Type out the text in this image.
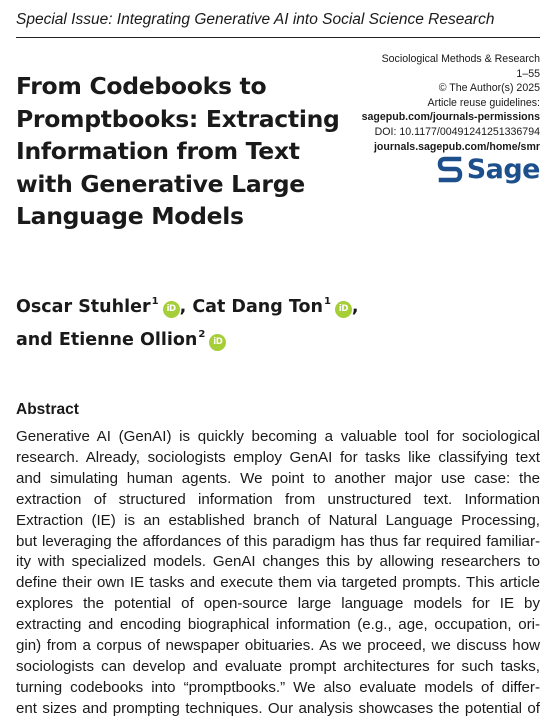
Special Issue: Integrating Generative AI into Social Science Research
From Codebooks to
Promptbooks: Extracting
Information from Text
with Generative Large
Language Models
Sociological Methods & Research
1–55
© The Author(s) 2025
Article reuse guidelines:
sagepub.com/journals-permissions
DOI: 10.1177/00491241251336794
journals.sagepub.com/home/smr
Sage
Oscar Stuhler$^1$iD , Cat Dang Ton$^1$iD ,
and Etienne Ollion$^2$iD
Abstract
Generative AI (GenAI) is quickly becoming a valuable tool for sociological
research. Already, sociologists employ GenAI for tasks like classifying text
and simulating human agents. We point to another major use case: the
extraction of structured information from unstructured text. Information
Extraction (IE) is an established branch of Natural Language Processing,
but leveraging the affordances of this paradigm has thus far required familiar-
ity with specialized models. GenAI changes this by allowing researchers to
define their own IE tasks and execute them via targeted prompts. This article
explores the potential of open-source large language models for IE by
extracting and encoding biographical information (e.g., age, occupation, ori-
gin) from a corpus of newspaper obituaries. As we proceed, we discuss how
sociologists can develop and evaluate prompt architectures for such tasks,
turning codebooks into “promptbooks.” We also evaluate models of differ-
ent sizes and prompting techniques. Our analysis showcases the potential of
